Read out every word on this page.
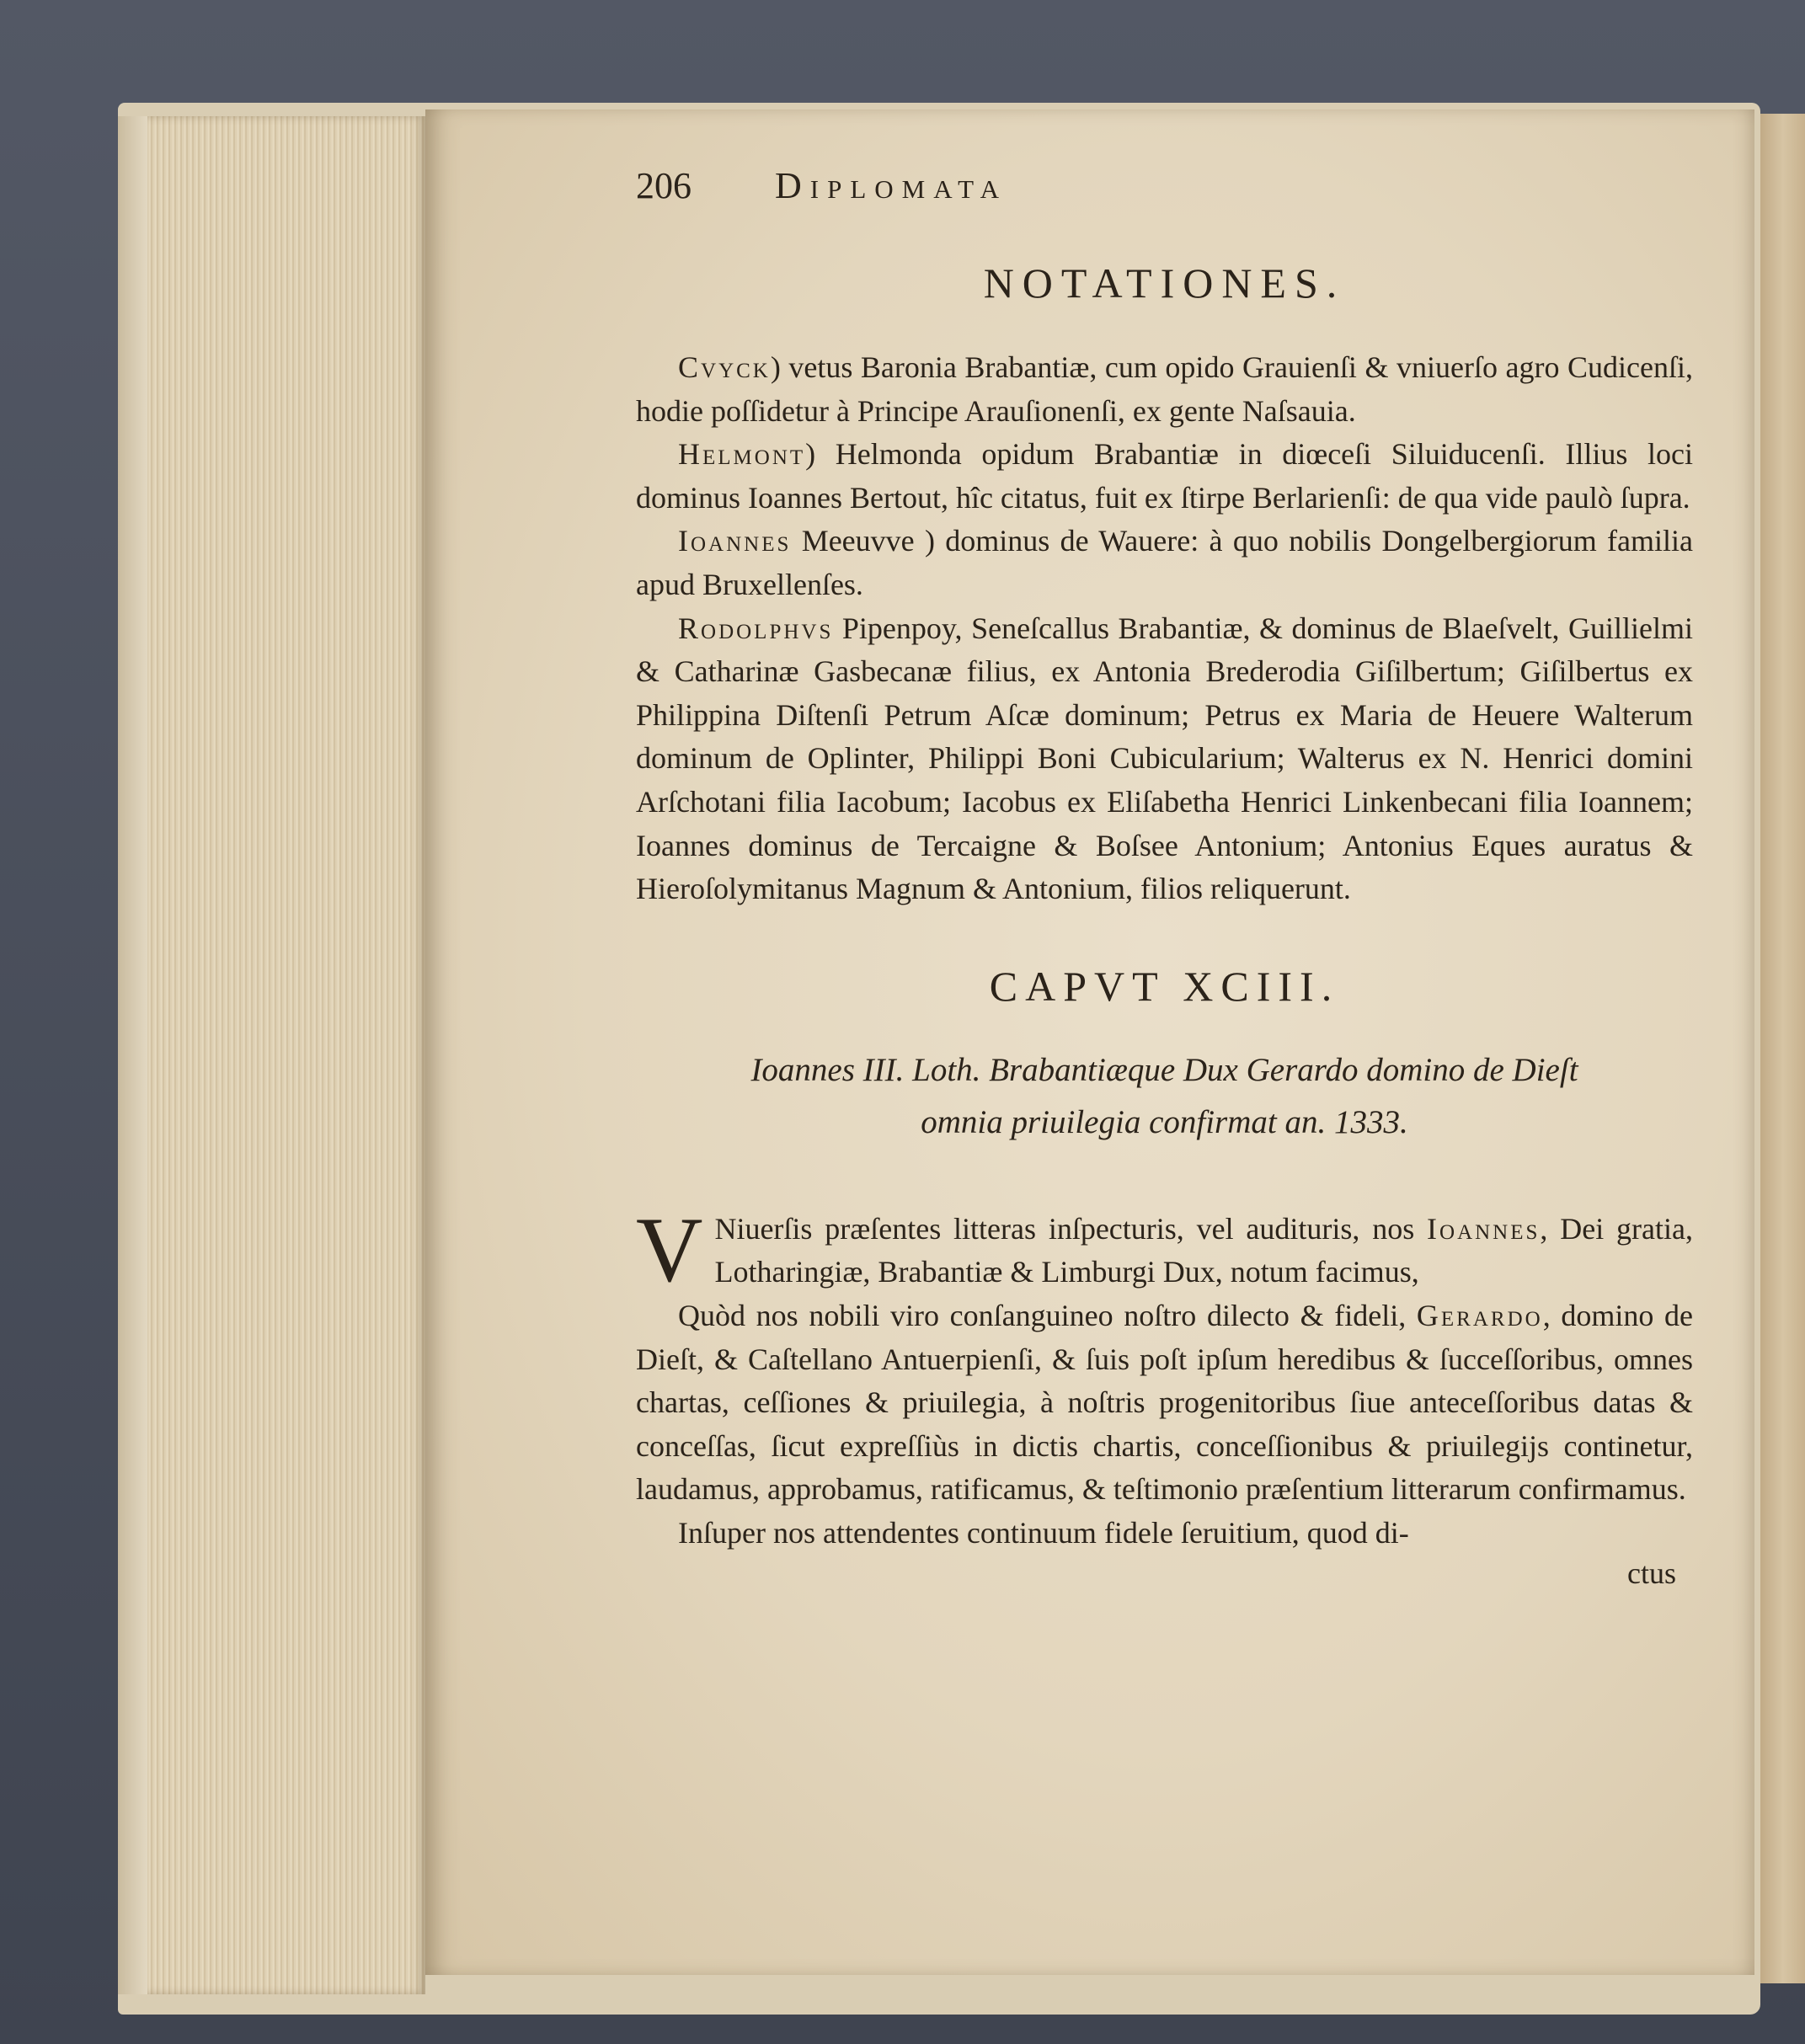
206	Diplomata
NOTATIONES.

Cvyck) vetus Baronia Brabantiæ, cum opido Grauienſi & vniuerſo agro Cudicenſi, hodie poſſidetur à Principe Arauſionenſi, ex gente Naſsauia.

Helmont) Helmonda opidum Brabantiæ in diœceſi Siluiducenſi. Illius loci dominus Ioannes Bertout, hîc citatus, fuit ex ſtirpe Berlarienſi: de qua vide paulò ſupra.

Ioannes Meeuvve ) dominus de Wauere: à quo nobilis Dongelbergiorum familia apud Bruxellenſes.

Rodolphvs Pipenpoy, Seneſcallus Brabantiæ, & dominus de Blaeſvelt, Guillielmi & Catharinæ Gasbecanæ filius, ex Antonia Brederodia Giſilbertum; Giſilbertus ex Philippina Diſtenſi Petrum Aſcæ dominum; Petrus ex Maria de Heuere Walterum dominum de Oplinter, Philippi Boni Cubicularium; Walterus ex N. Henrici domini Arſchotani filia Iacobum; Iacobus ex Eliſabetha Henrici Linkenbecani filia Ioannem; Ioannes dominus de Tercaigne & Boſsee Antonium; Antonius Eques auratus & Hieroſolymitanus Magnum & Antonium, filios reliquerunt.

CAPVT XCIII.
Ioannes III. Loth. Brabantiæque Dux Gerardo domino de Dieſt
omnia priuilegia confirmat an. 1333.

V Niuerſis præſentes litteras inſpecturis, vel audituris, nos Ioannes, Dei gratia, Lotharingiæ, Brabantiæ & Limburgi Dux, notum facimus,

Quòd nos nobili viro conſanguineo noſtro dilecto & fideli, Gerardo, domino de Dieſt, & Caſtellano Antuerpienſi, & ſuis poſt ipſum heredibus & ſucceſſoribus, omnes chartas, ceſſiones & priuilegia, à noſtris progenitoribus ſiue anteceſſoribus datas & conceſſas, ſicut expreſſiùs in dictis chartis, conceſſionibus & priuilegijs continetur, laudamus, approbamus, ratificamus, & teſtimonio præſentium litterarum confirmamus.

Inſuper nos attendentes continuum fidele ſeruitium, quod di-

ctus
